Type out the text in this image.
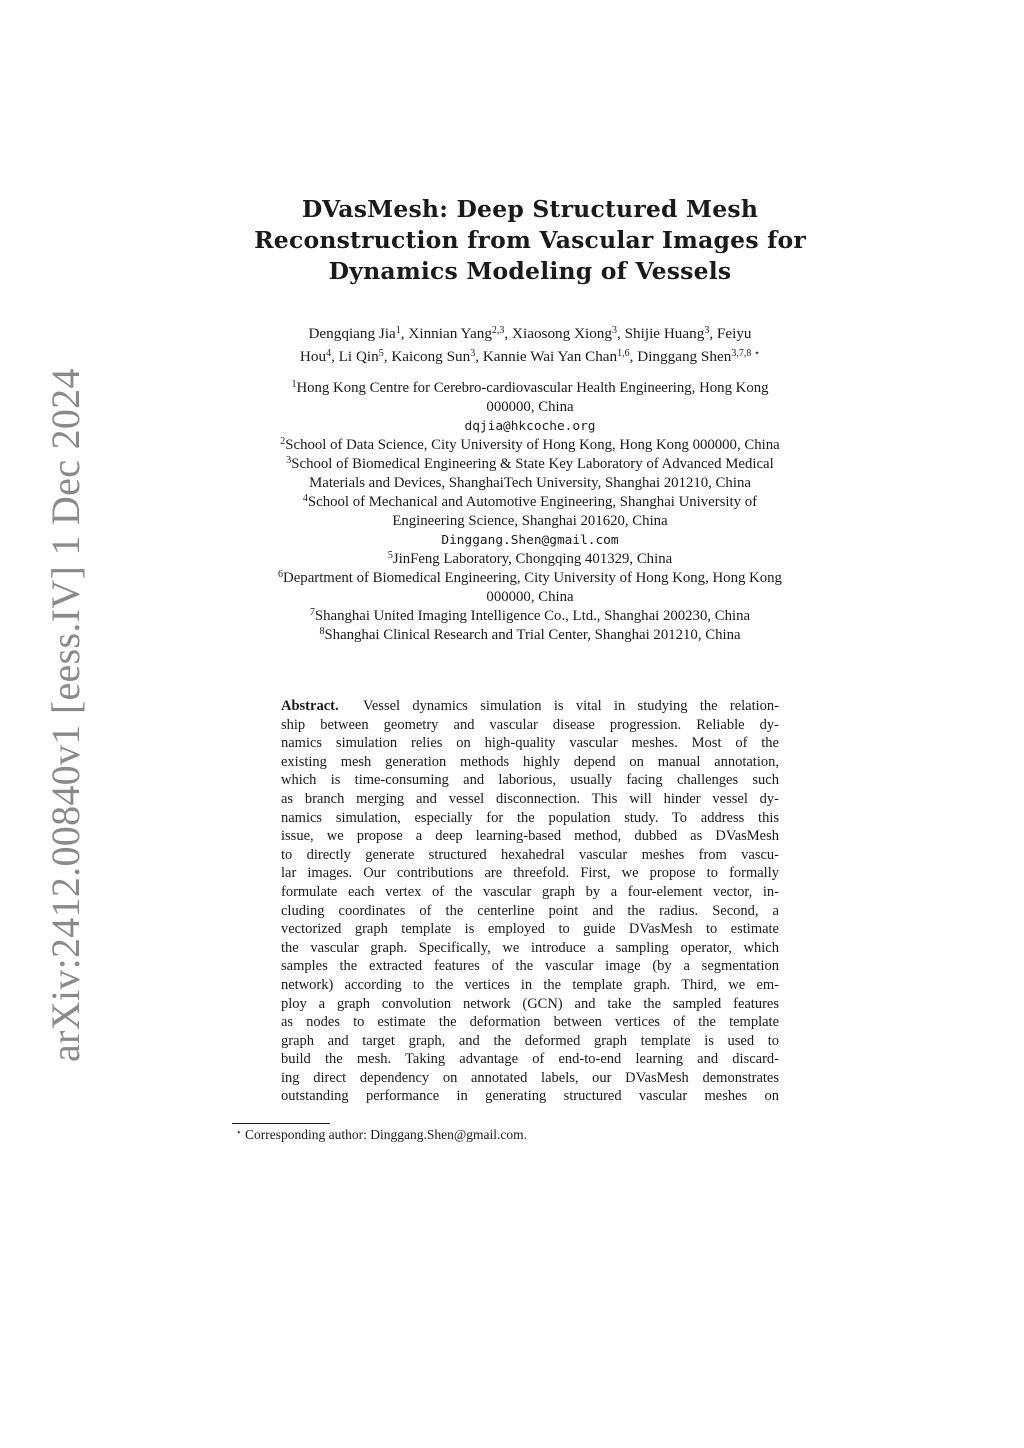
arXiv:2412.00840v1 [eess.IV] 1 Dec 2024
DVasMesh: Deep Structured Mesh
Reconstruction from Vascular Images for
Dynamics Modeling of Vessels
Dengqiang Jia$^1$, Xinnian Yang$^{2,3}$, Xiaosong Xiong$^3$, Shijie Huang$^3$, Feiyu
Hou$^4$, Li Qin$^5$, Kaicong Sun$^3$, Kannie Wai Yan Chan$^{1,6}$, Dinggang Shen$^{3,7,8 ⋆}$
$^1$Hong Kong Centre for Cerebro-cardiovascular Health Engineering, Hong Kong
000000, China
dqjia@hkcoche.org
$^2$School of Data Science, City University of Hong Kong, Hong Kong 000000, China
$^3$School of Biomedical Engineering & State Key Laboratory of Advanced Medical
Materials and Devices, ShanghaiTech University, Shanghai 201210, China
$^4$School of Mechanical and Automotive Engineering, Shanghai University of
Engineering Science, Shanghai 201620, China
Dinggang.Shen@gmail.com
$^5$JinFeng Laboratory, Chongqing 401329, China
$^6$Department of Biomedical Engineering, City University of Hong Kong, Hong Kong
000000, China
$^7$Shanghai United Imaging Intelligence Co., Ltd., Shanghai 200230, China
$^8$Shanghai Clinical Research and Trial Center, Shanghai 201210, China
Abstract. Vessel dynamics simulation is vital in studying the relation-
ship between geometry and vascular disease progression. Reliable dy-
namics simulation relies on high-quality vascular meshes. Most of the
existing mesh generation methods highly depend on manual annotation,
which is time-consuming and laborious, usually facing challenges such
as branch merging and vessel disconnection. This will hinder vessel dy-
namics simulation, especially for the population study. To address this
issue, we propose a deep learning-based method, dubbed as DVasMesh
to directly generate structured hexahedral vascular meshes from vascu-
lar images. Our contributions are threefold. First, we propose to formally
formulate each vertex of the vascular graph by a four-element vector, in-
cluding coordinates of the centerline point and the radius. Second, a
vectorized graph template is employed to guide DVasMesh to estimate
the vascular graph. Specifically, we introduce a sampling operator, which
samples the extracted features of the vascular image (by a segmentation
network) according to the vertices in the template graph. Third, we em-
ploy a graph convolution network (GCN) and take the sampled features
as nodes to estimate the deformation between vertices of the template
graph and target graph, and the deformed graph template is used to
build the mesh. Taking advantage of end-to-end learning and discard-
ing direct dependency on annotated labels, our DVasMesh demonstrates
outstanding performance in generating structured vascular meshes on
⋆ Corresponding author: Dinggang.Shen@gmail.com.
